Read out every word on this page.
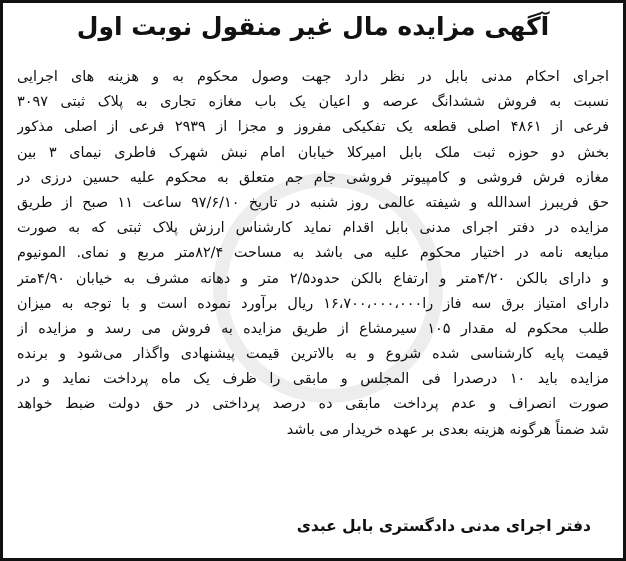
آگهی مزایده مال غیر منقول نوبت اول
اجرای احکام مدنی بابل در نظر دارد جهت وصول محکوم به و هزینه های اجرایی
نسبت به فروش ششدانگ عرصه و اعیان یک باب مغازه تجاری به پلاک ثبتی ۳۰۹۷
فرعی از ۴۸۶۱ اصلی قطعه یک تفکیکی مفروز و مجزا از ۲۹۳۹ فرعی از اصلی مذکور
بخش دو حوزه ثبت ملک بابل امیرکلا خیابان امام نبش شهرک فاطری نیمای ۳ بین
مغازه فرش فروشی و کامپیوتر فروشی جام جم متعلق به محکوم علیه حسین درزی در
حق فریبرز اسدالله و شیفته عالمی روز شنبه در تاریخ ۹۷/۶/۱۰ ساعت ۱۱ صبح از طریق
مزایده در دفتر اجرای مدنی بابل اقدام نماید کارشناس ارزش پلاک ثبتی که به صورت
مبایعه نامه در اختیار محکوم علیه می باشد به مساحت ۸۲/۴متر مربع و نمای. المونیوم
و دارای بالکن ۴/۲۰متر و ارتفاع بالکن حدود۲/۵ متر و دهانه مشرف به خیابان ۴/۹۰متر
دارای امتیاز برق سه فاز را۱۶،۷۰۰،۰۰۰،۰۰۰ ریال برآورد نموده است و با توجه به میزان
طلب محکوم له مقدار ۱۰۵ سیرمشاع از طریق مزایده به فروش می رسد و مزایده از
قیمت پایه کارشناسی شده شروع و به بالاترین قیمت پیشنهادی واگذار می‌شود و برنده
مزایده باید ۱۰ درصدرا فی المجلس و مابقی را ظرف یک ماه پرداخت نماید و در
صورت انصراف و عدم پرداخت مابقی ده درصد پرداختی در حق دولت ضبط خواهد
شد ضمناً هرگونه هزینه بعدی بر عهده خریدار می باشد
دفتر اجرای مدنی دادگستری بابل عبدی
